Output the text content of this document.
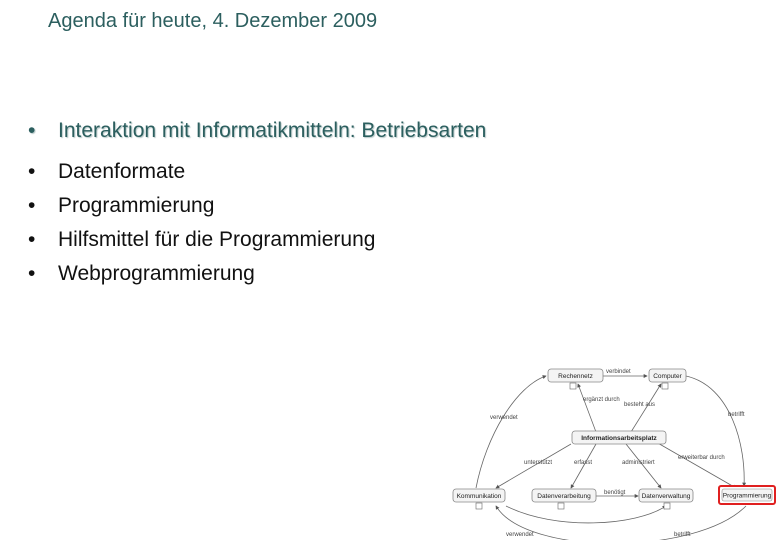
Agenda für heute, 4. Dezember 2009
• Interaktion mit Informatikmitteln: Betriebsarten
• Datenformate
• Programmierung
• Hilfsmittel für die Programmierung
• Webprogrammierung
verbindet
ergänzt durch
besteht aus
verwendet	betrifft
unterstützt	erfasst	administriert
erweiterbar durch
benötigt
verwendet	betrifft
Rechennetz	Computer
Informationsarbeitsplatz
Kommunikation	Datenverarbeitung	Datenverwaltung	Programmierung
